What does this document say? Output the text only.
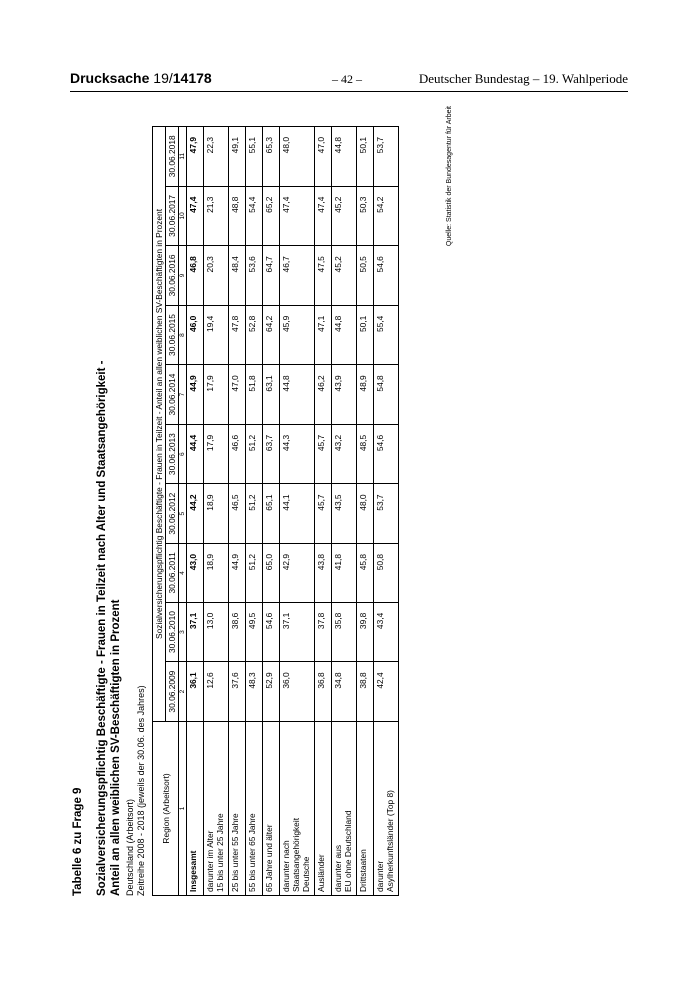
Drucksache 19/14178	– 42 –	Deutscher Bundestag – 19. Wahlperiode
Tabelle 6 zu Frage 9 Sozialversicherungspflichtig Beschäftigte - Frauen in Teilzeit nach Alter und Staatsangehörigkeit - Anteil an allen weiblichen SV-Beschäftigten in Prozent Deutschland (Arbeitsort) Zeitreihe 2008 - 2018 (jeweils der 30.06. des Jahres) Region (Arbeitsort)	Sozialversicherungspflichtig Beschäftigte - Frauen in Teilzeit - Anteil an allen weiblichen SV-Beschäftigten in Prozent									
	30.06.2009	30.06.2010	30.06.2011	30.06.2012	30.06.2013	30.06.2014	30.06.2015	30.06.2016	30.06.2017	30.06.2018
1	2	3	4	5	6	7	8	9	10	11
Insgesamt	36,1	37,1	43,0	44,2	44,4	44,9	46,0	46,8	47,4	47,9
darunter im Alter
15 bis unter 25 Jahre	12,6	13,0	18,9	18,9	17,9	17,9	19,4	20,3	21,3	22,3
25 bis unter 55 Jahre	37,6	38,6	44,9	46,5	46,6	47,0	47,8	48,4	48,8	49,1
55 bis unter 65 Jahre	48,3	49,5	51,2	51,2	51,2	51,8	52,8	53,6	54,4	55,1
65 Jahre und älter	52,9	54,6	65,0	65,1	63,7	63,1	64,2	64,7	65,2	65,3
darunter nach
Staatsangehörigkeit
Deutsche	36,0	37,1	42,9	44,1	44,3	44,8	45,9	46,7	47,4	48,0
Ausländer	36,8	37,8	43,8	45,7	45,7	46,2	47,1	47,5	47,4	47,0
darunter aus
EU ohne Deutschland	34,8	35,8	41,8	43,5	43,2	43,9	44,8	45,2	45,2	44,8
Drittstaaten	38,8	39,8	45,8	48,0	48,5	48,9	50,1	50,5	50,3	50,1
darunter
Asylherkunftsländer (Top 8)	42,4	43,4	50,8	53,7	54,6	54,8	55,4	54,6	54,2	53,7	Quelle: Statistik der Bundesagentur für Arbeit
